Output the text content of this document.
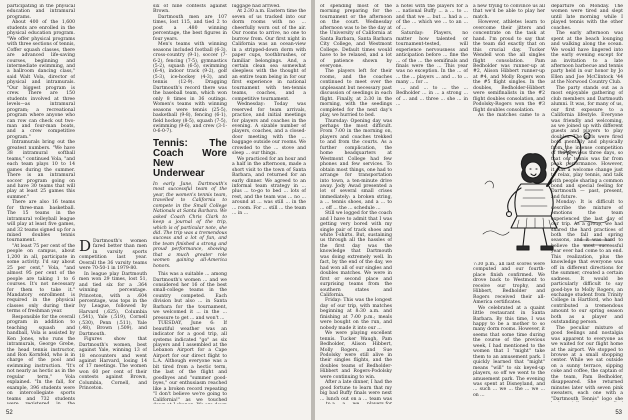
participating in the physical education and intramural programs.

About 400 of the 1,600 students are enrolled in the physical education program. "We offer physical programs with three sections of tennis, Coffer squash classes, there are advanced life-saving courses, beginning and intermediate swimming, and a ballroom dancing class," said Walt Vola, director of physical and intramurals. "Our biggest program is crew. There are 150 students involved at three levels—as intramural program; a recreational program where anyone who can row can check out two-man and four-man boats, and a crew competitive program."

Intramurals bring out the greatest numbers. "We have 38 intramural softball teams," continued Vola, "and each team plays 10 to 14 games during the summer. There is an intramural soccer program going on and have 30 teams that will play at least 25 games this summer."

There are also 16 teams for three-man basketball. The 15 teams in the intramural volleyball league will play at least five games, and 32 teams signed up for a mixed doubles tennis tournament.

"At least 75 per cent of the people on campus, about 1,200 in all, participate in some activity. I'd say about 25 per cent," Vola, "and almost 95 per cent of the people are taking 1 to 6 courses. It's not necessary for them to take it." Mandatory enrollment is required in the physical classes only during their terms of freshman year.

Responsible for the overall program in addition to teaching squash and handball, Vola is assisted by Ken Jones, who runs the intramurals, George Grebe, the head tennis instructor, and Ron Kornfeld, who is in charge of the pool and swimming instruction. "It's not nearly as hectic as in the regular term," Vola explained. "In the fall, for example, 396 students were on intercollegiate sports teams and 732 students

D Dartmouth's women fared better than men in varsity sports competition last year. Overall the 36 varsity teams were 70-50-1 in 1979-80.

In league play Dartmouth men won 29 times, lost 51, and tied six for a .364 winning percentage. Princeton, with a .604 percentage, was tops in the Ivy League, followed by Harvard (.625), Columbia (.541), Yale (.519), Cornell (.530), Penn (.511), Yale (.48), Brown (.509), and Dartmouth.

Figures show that Dartmouth's women, best against Yale, winning 13 of 18 encounters and went against Harvard, losing 14 of 17 meetings. The women won 60 per cent of their contests against Brown, Columbia, Cornell, and Princeton.

six of nine contests against Brown.

Dartmouth men are 107 times, lost 115, and tied 2 to post a .480 winning percentage, the best figures in four years.

Men's teams with winning seasons included football (6-3), cross-country (9-1), soccer (7-6-2), fencing (7-5), gymnastics (5-2), squash (6-5), swimming (6-4), indoor track (9-2), golf (5-3), ice-hockey (4-3), and tennis (12-9). Dragging Dartmouth's record there was the baseball team, which won only 8 times in 36 outings. Women's teams with winning seasons were tennis (25-5), basketball (9-8), fencing (6-1), field hockey (8-5), squash (7-5), swimming (9-6), and crew (3-1-0-6-0-7).

Tennis: The Coach Wore New Underwear

In early June, Dartmouth's most successful team of the year, the women's tennis team, travelled to California to compete in the Small College Nationals at Santa Barbara. We asked Coach Chris Clark to keep a journal of the trip, which is of particular note, she did. The trip was a tremendous success and a lot of fun, and the team finished a strong and proud performance, showing that a much greater role women gaining all-America honors.

This was a suitable ... among Dartmouth's women ... and we considered her 16 of the best small-college teams in the country competed. Each division but also ... in Santa Barbara for the tournament, we welcomed it ... in the ... pressure to get ... and won't ...

TUESDAY, June 6: If beautiful weather was an indicator for a good trip, all systems indicated "go" as six players and I assembled at the Lebanon Airport for a Cape Airport for our direct flight to L.A. Although everyone was a bit tired from a hectic term, the last of the flight and goodbyes and "summer good-byes," our enthusiasm reached like a broken record repeating "I don't believe we're going to California!" as we touched

luggage had arrived.

At 2:30 a.m. Eastern time the seven of us tracked into our dorm rooms with no ... cheerfully worn out of the air. Our rooms to arrive, no one to burrow from. Our first night in California was an ocean-view in a stripped-down dorm with paper cups, toothbrushes, or familiar belongings. And, a certain clean sea somewhat sleepless with the thought of an entire team being in for our first experience in national tournament with ten-tennis teams, coaches, and a competitive tournament.

Wednesday: Today was reserved for team arrivals, practice, and initial meetings for players and coaches in the evening. A sizable number of players, coaches, and a closed-door meeting with the ... baggage outside our rooms. We crowded to the ... stove and sleep ... our things.

We practiced for an hour and a half in the afternoon, made a short visit to the town of Santa Barbara, and returned for an early dinner. We agreed to an informal team strategy in ... plus ... to-go to bed ... lots of rest, and the team was ... no ... around at ... was still ... in the ... room. For ... still ... the team ... in ...

52

of spending most of the morning preparing for the tournament or the afternoon on the court. Wednesday afternoon was to be the day at the University of California at Santa Barbara, Santa Barbara City College, and Westmont College. Default times would have to be relaxed, and a lot of patience shown by everyone.

The players left for their rooms, and the coaches continued to meet over the unpleasant but necessary past discussion of seedings in each flight. Finally, at 2:30 in the morning, with the seedings completed for the next day's play, we hurried to bed.

Thursday: Opening day was perhaps the most difficult. From 7:00 in the morning on, players and coaches trekked to and from the courts. As a further complication, the home headquarters at Westmont College had few phones and few services. To obtain most things, one had to arrange for transportation into town, a ten-minute drive away. Jody Awad presented a lot of several small crises immediately: a broken string, a ... tennis shoes, and a ... to ... off ... the ... schedule ...

Still we logged for the coach and I have to admit that I was getting very bored with my single pair of track shoes and white T-shirts. But, sustaining us through all the hassles of the first day was the knowledge that Dartmouth was doing extremely well. In fact, by the end of the day, we had won all of our singles and doubles matches. We were in first or second place and surprising teams from the southern states and California.

Friday: This was the longest day of our trip, with matches beginning at 8:30 a.m. and finishing at 7:00 p.m.; meals were bought on the run, and nobody made it into our ...

We were playing excellent tennis. Tucker Waugh, Pam Bedholder, Alison Hibbert, Molly Rogers, and Sue Podolsky were still alive in their singles flights, and the doubles teams of Bedholder-Hibbert and Rogers-Podolsky were continuing to win.

After a late dinner, I had the good fortune to learn that my big bad Buffy finals were next ... lunch out on a ... team was

a hotel with the players for a ... national Buffy ... a ... to ... and that we ... but ... had a ... of the ... which we ... to an ... of ...

Saturday: Players, no matter how talented or tournament-tested, will experience nervousness and anticipation before ... fine the ... of the ... the semifinals and finals were the ... This year was no exception. In the ... of ... the ... players ... and ... to ... many ... for ...

... and ... to ... the ... Bedholder ... in ... a strong ... of ... and ... three ... she ... in ...

a new trying to convince us all that we'd be able to play her match.

However, athletes learn to overcome their jitters and concentrate on the task at hand. I'm proud to say that the team did exactly that on this crucial day. Tucker Wendell won the all singles flight consolation. Pam Bedholder was runner-up at #2, Alison Hibbert runner-up at #4, and Molly Rogers won the #5 flight singles. In the doubles, Bedholder-Hibbert were semifinalists in the #2 flight doubles consolation, and Podolsky-Rogers won the #3 flight doubles consolation.

As the matches came to a

7:30 p.m., all last scores were computed and our fourth-place finish confirmed. We drove back to Westmont to receive our trophy, and Hibbert, Bedholder and Rogers received their all-America certificates.

We celebrated at a quaint little restaurant in Santa Barbara. By this time, I was happy to be a mother to so many dorm rooms. However, it seems that some time during the course of the previous week, I had mentioned to the women that I "might" take them to an amusement park. I quickly learned that "might" means "will" to six keyed-up players, so off we went to the amusement park. The evening was spent at Disneyland, and ... such ... we ... the ... we ... on ...

departure on Monday. The women were tired and slept until late morning while I played tennis with the other coaches.

The early afternoon was spent at the beach lounging and walking along the ocean. We would have lingered into the early evening except for an invitation to a late afternoon barbecue and tennis party held in our honor by Jo Ellen and Joe McClintock '44 at the Norwood Country Club.

The party stands out as a most enjoyable gathering of club members and Dartmouth alumni. It was, for many of us, our first exposure to a California lifestyle. Everyone was friendly and welcoming, as we joined up with different guests and players to play doubles. The girls were fired both mentally and physically from the intense competition of the previous three days, so that our tennis was far from peak performance. However, it was a welcome change just to relax, play tennis, and talk with people sharing a common bond and special feeling for Dartmouth — past, present, and future.

Monday: It is difficult to describe the mixture of emotions the team experienced the last day of our trip. As a group, we had shared the hard practices of both the fall and spring seasons, and it was hard to believe the most successful year ever had come to an end. This realization, plus the knowledge that everyone was off in different directions for the summer, created a certain sadness. It would be particularly difficult to say good-bye to Molly Rogers, an exchange student from Trinity College in Hartford, who had contributed a tremendous amount to our spring season both as a player and outstanding person.

The peculiar mixture of good feelings and nostalgia was apparent to everyone as we waited for our flight home at the airport. We stopped to browse at a small shopping center. While we sat outside on a sunny terrace, sipping coke and coffee, the captain of the team, Pam Bedholder, disappeared. She returned minutes later with seven pink sweaters, each one with a "Dartmouth Tennis" logo she

53
